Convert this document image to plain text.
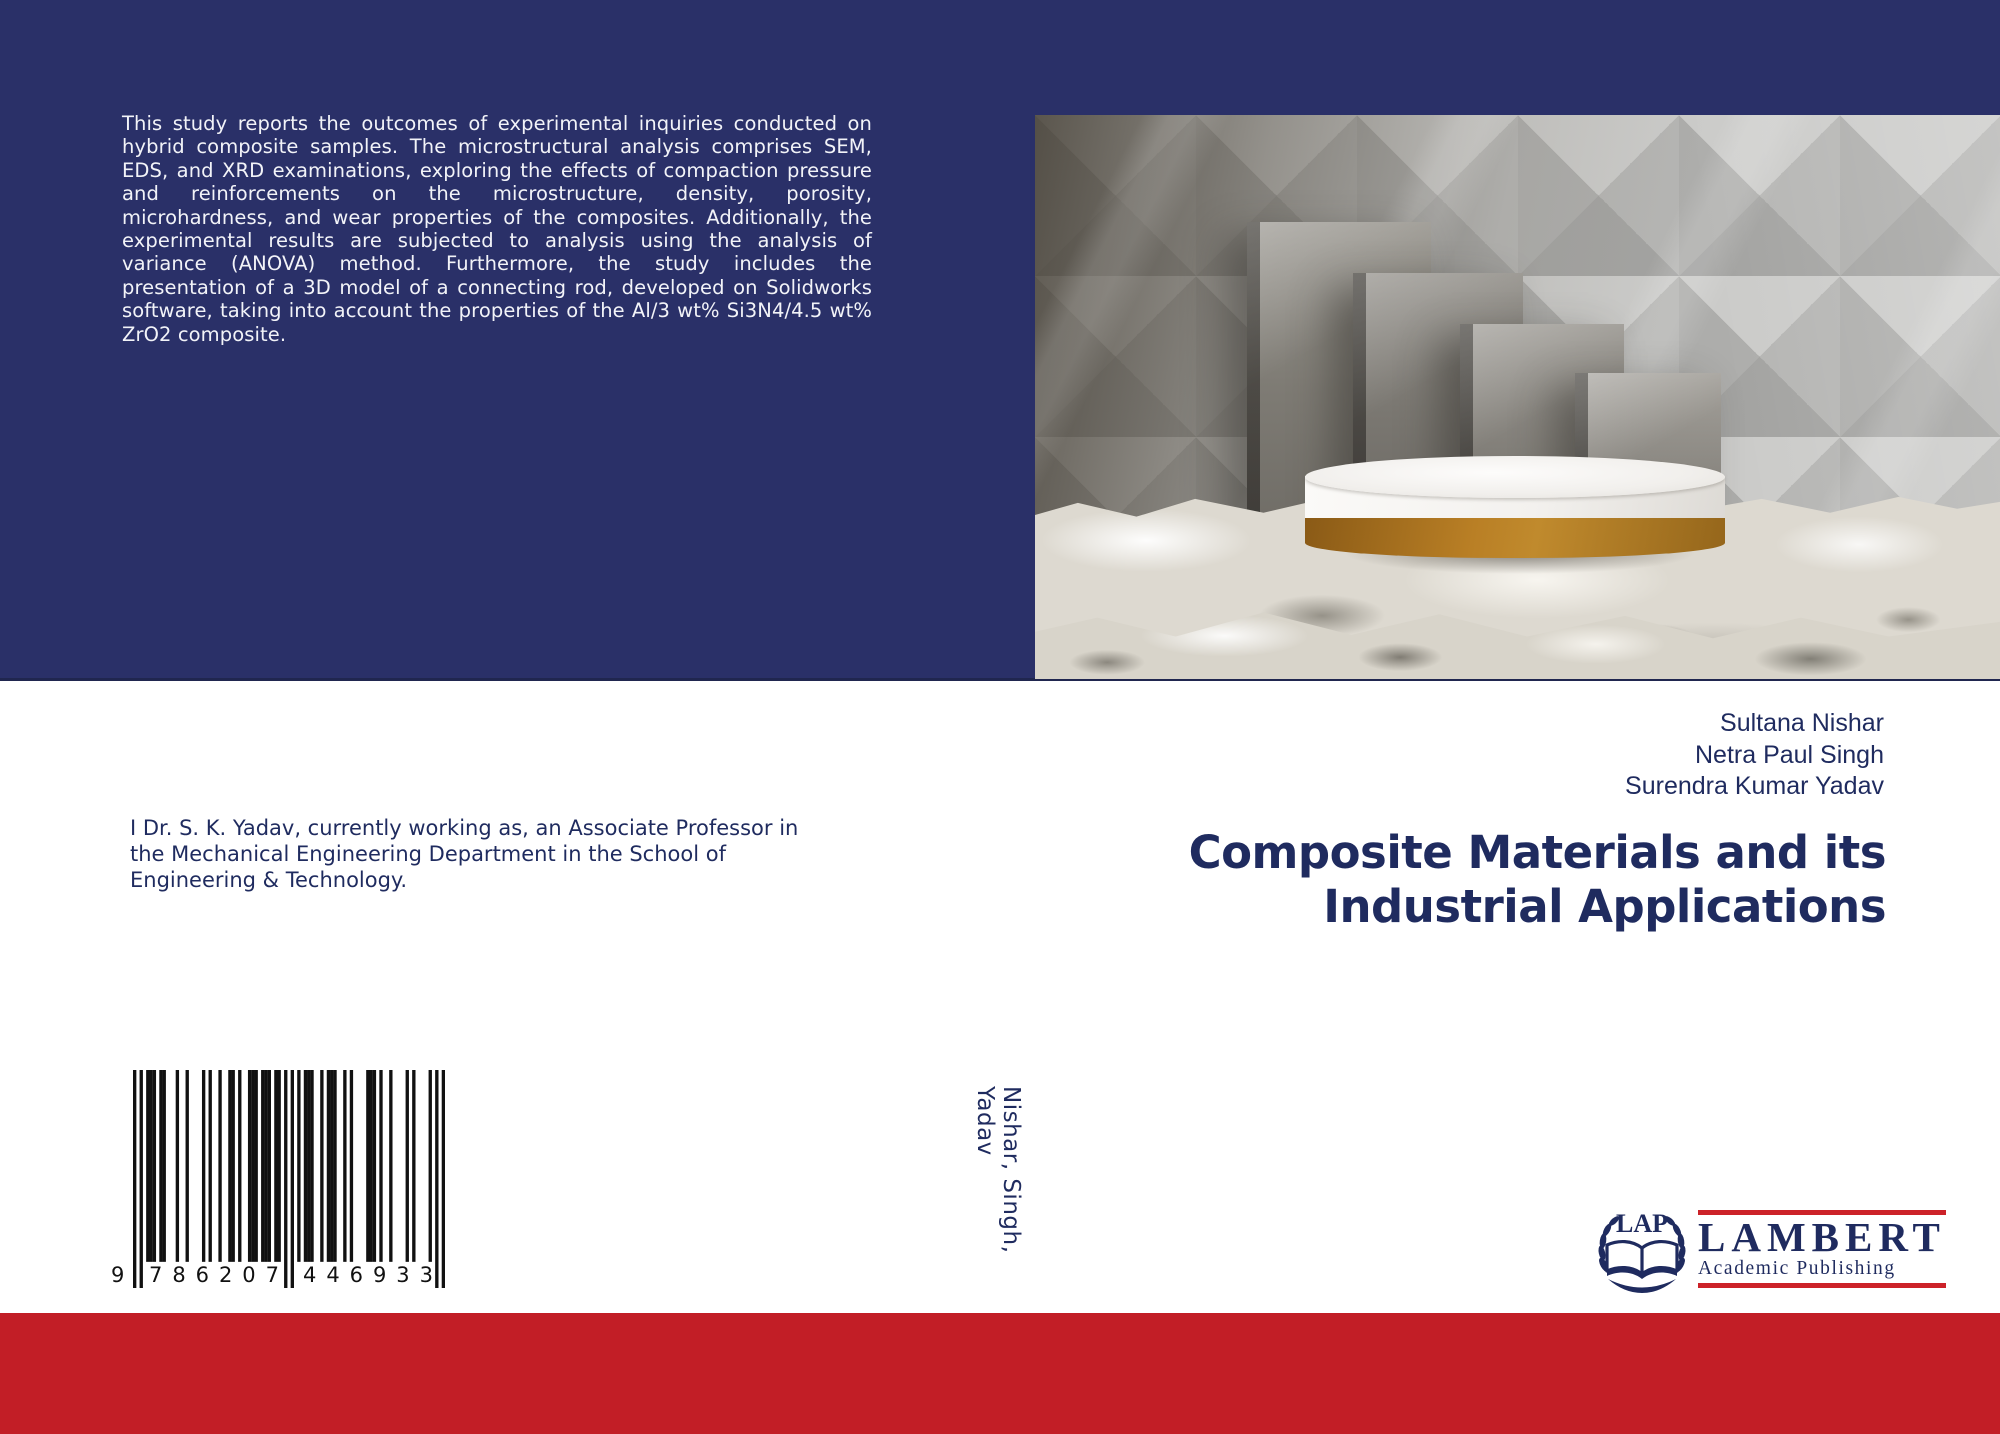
This study reports the outcomes of experimental inquiries conducted on hybrid composite samples. The microstructural analysis comprises SEM, EDS, and XRD examinations, exploring the effects of compaction pressure and reinforcements on the microstructure, density, porosity, microhardness, and wear properties of the composites. Additionally, the experimental results are subjected to analysis using the analysis of variance (ANOVA) method. Furthermore, the study includes the presentation of a 3D model of a connecting rod, developed on Solidworks software, taking into account the properties of the Al/3 wt% Si3N4/4.5 wt% ZrO2 composite.

Sultana Nishar
Netra Paul Singh
Surendra Kumar Yadav
Composite Materials and its
Industrial Applications

I Dr. S. K. Yadav, currently working as, an Associate Professor in the Mechanical Engineering Department in the School of Engineering & Technology.

Nishar, Singh, Yadav
9 7 8 6 2 0 7 4 4 6 9 3 3
LAP LAMBERT
Academic Publishing
